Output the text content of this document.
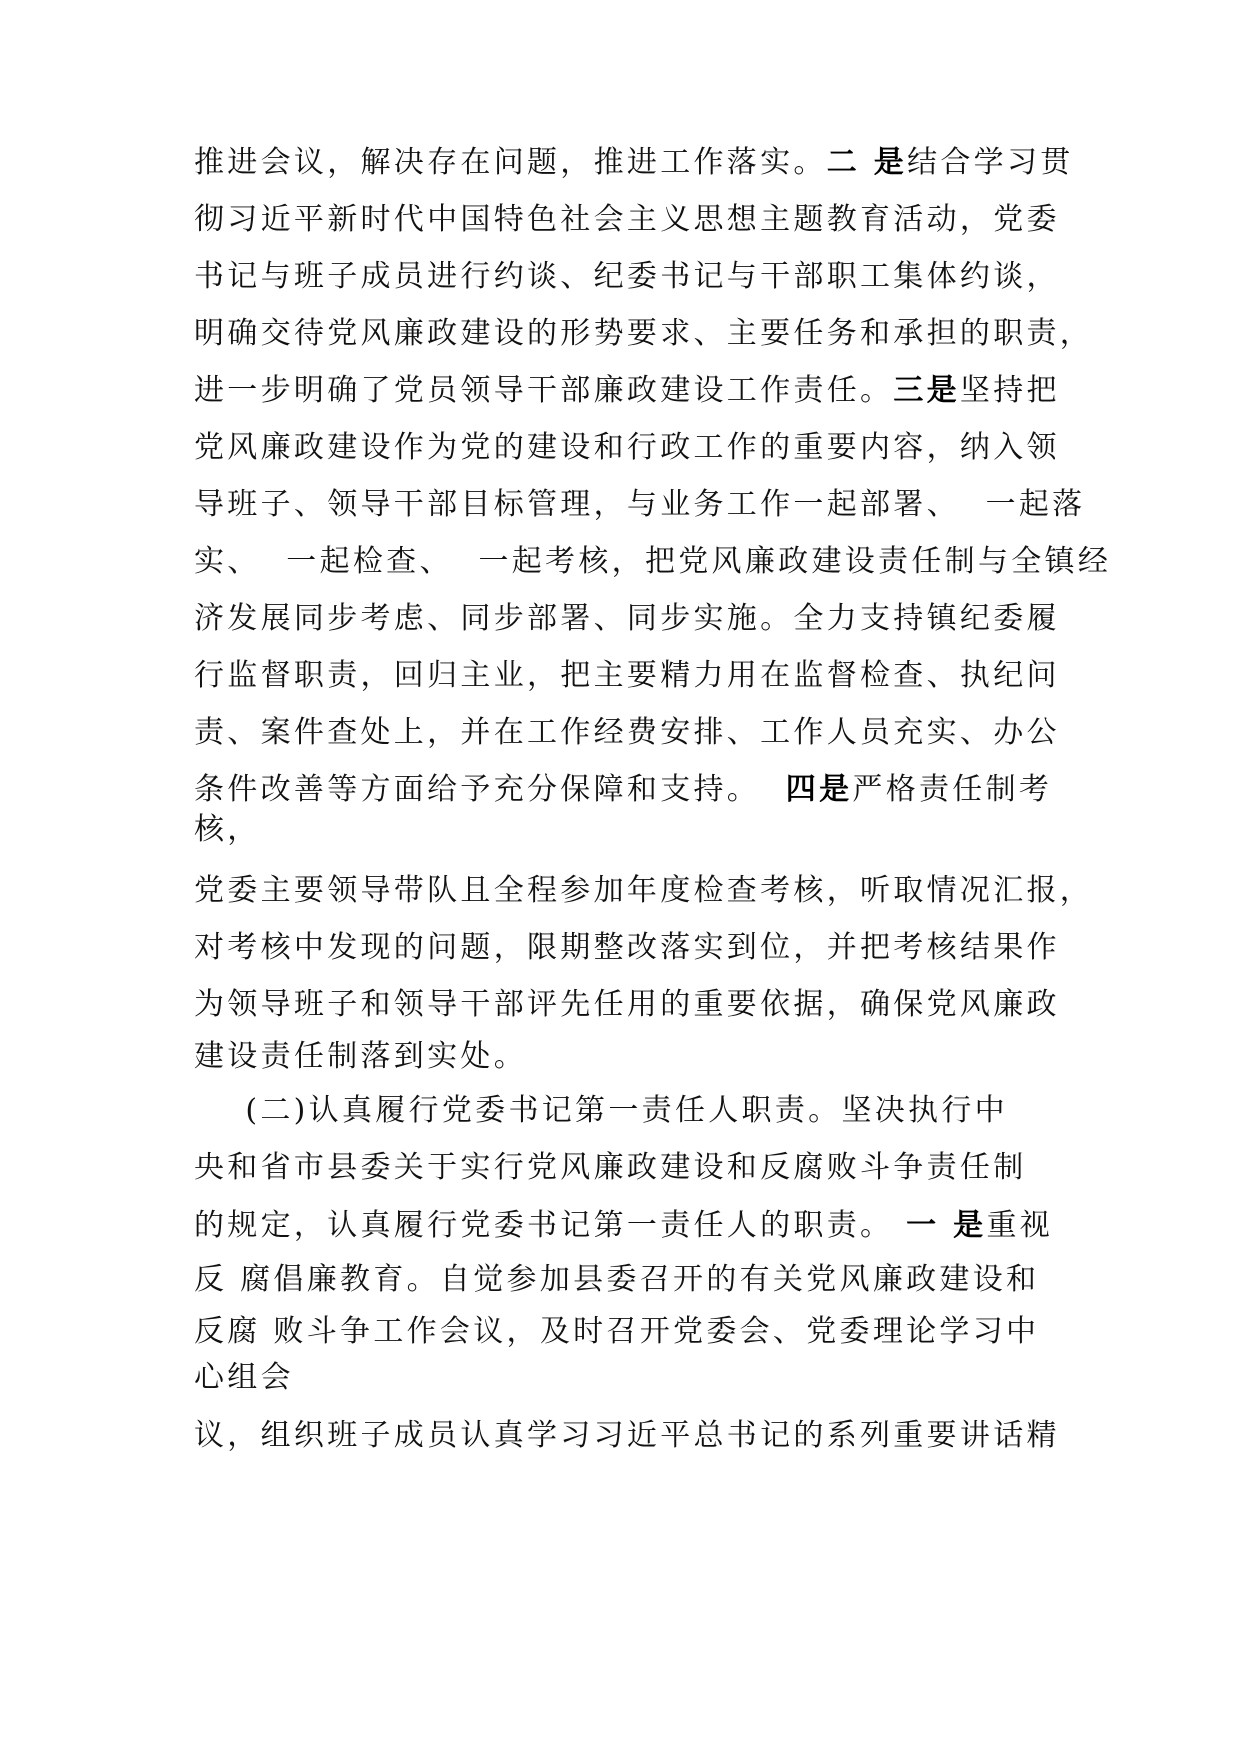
推进会议，解决存在问题，推进工作落实。二 是结合学习贯
彻习近平新时代中国特色社会主义思想主题教育活动，党委
书记与班子成员进行约谈、纪委书记与干部职工集体约谈，
明确交待党风廉政建设的形势要求、主要任务和承担的职责，
进一步明确了党员领导干部廉政建设工作责任。三是坚持把
党风廉政建设作为党的建设和行政工作的重要内容，纳入领
导班子、领导干部目标管理，与业务工作一起部署、  一起落
实、  一起检查、  一起考核，把党风廉政建设责任制与全镇经
济发展同步考虑、同步部署、同步实施。全力支持镇纪委履
行监督职责，回归主业，把主要精力用在监督检查、执纪问
责、案件查处上，并在工作经费安排、工作人员充实、办公
条件改善等方面给予充分保障和支持。  四是严格责任制考
核，
党委主要领导带队且全程参加年度检查考核，听取情况汇报，
对考核中发现的问题，限期整改落实到位，并把考核结果作
为领导班子和领导干部评先任用的重要依据，确保党风廉政
建设责任制落到实处。
(二)认真履行党委书记第一责任人职责。坚决执行中
央和省市县委关于实行党风廉政建设和反腐败斗争责任制
的规定，认真履行党委书记第一责任人的职责。 一 是重视
反 腐倡廉教育。自觉参加县委召开的有关党风廉政建设和
反腐 败斗争工作会议，及时召开党委会、党委理论学习中
心组会
议，组织班子成员认真学习习近平总书记的系列重要讲话精
